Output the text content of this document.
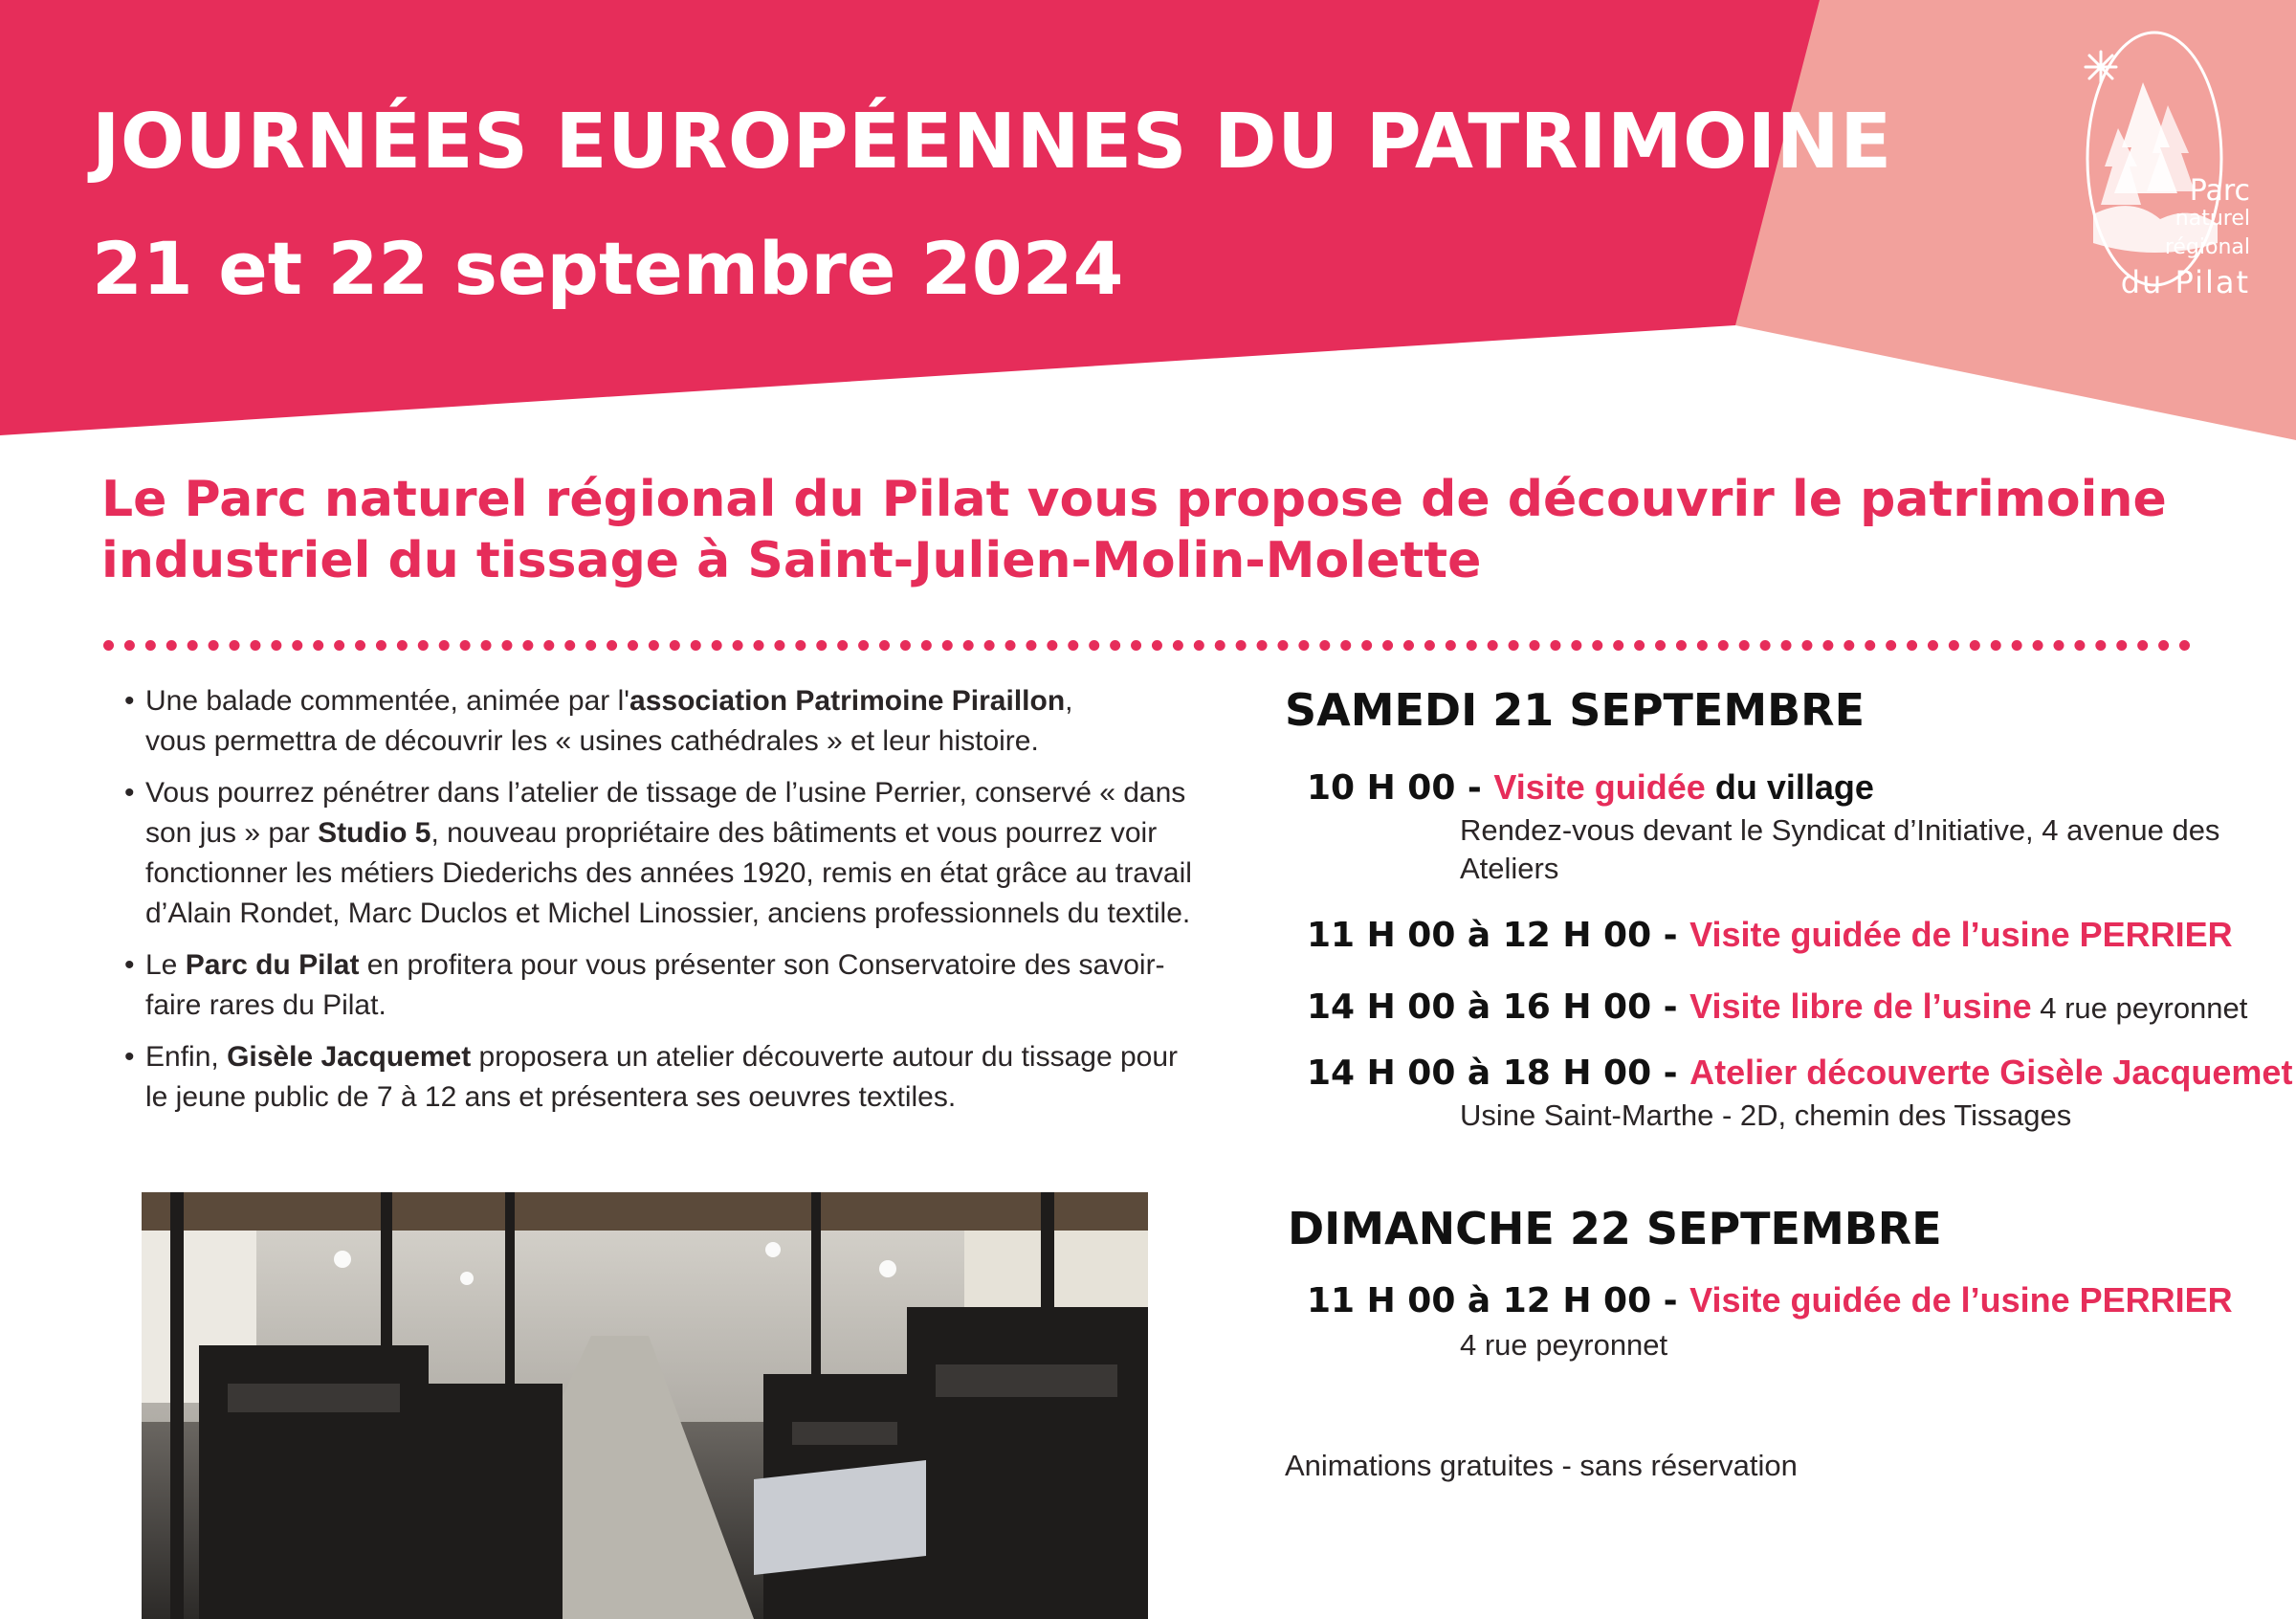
JOURNÉES EUROPÉENNES DU PATRIMOINE
21 et 22 septembre 2024
Parc
naturel
régional
du Pilat
Le Parc naturel régional du Pilat vous propose de découvrir le patrimoine industriel du tissage à Saint-Julien-Molin-Molette
• Une balade commentée, animée par l'association Patrimoine Piraillon,
vous permettra de découvrir les « usines cathédrales » et leur histoire.
• Vous pourrez pénétrer dans l’atelier de tissage de l’usine Perrier, conservé « dans son jus » par Studio 5, nouveau propriétaire des bâtiments et vous pourrez voir fonctionner les métiers Diederichs des années 1920, remis en état grâce au travail d’Alain Rondet, Marc Duclos et Michel Linossier, anciens professionnels du textile.
• Le Parc du Pilat en profitera pour vous présenter son Conservatoire des savoir-faire rares du Pilat.
• Enfin, Gisèle Jacquemet proposera un atelier découverte autour du tissage pour le jeune public de 7 à 12 ans et présentera ses oeuvres textiles.
SAMEDI 21 SEPTEMBRE
10 H 00 - Visite guidée du village
Rendez-vous devant le Syndicat d’Initiative, 4 avenue des Ateliers
11 H 00 à 12 H 00 - Visite guidée de l’usine PERRIER
14 H 00 à 16 H 00 - Visite libre de l’usine 4 rue peyronnet
14 H 00 à 18 H 00 - Atelier découverte Gisèle Jacquemet
Usine Saint-Marthe - 2D, chemin des Tissages
DIMANCHE 22 SEPTEMBRE
11 H 00 à 12 H 00 - Visite guidée de l’usine PERRIER
4 rue peyronnet
Animations gratuites - sans réservation
